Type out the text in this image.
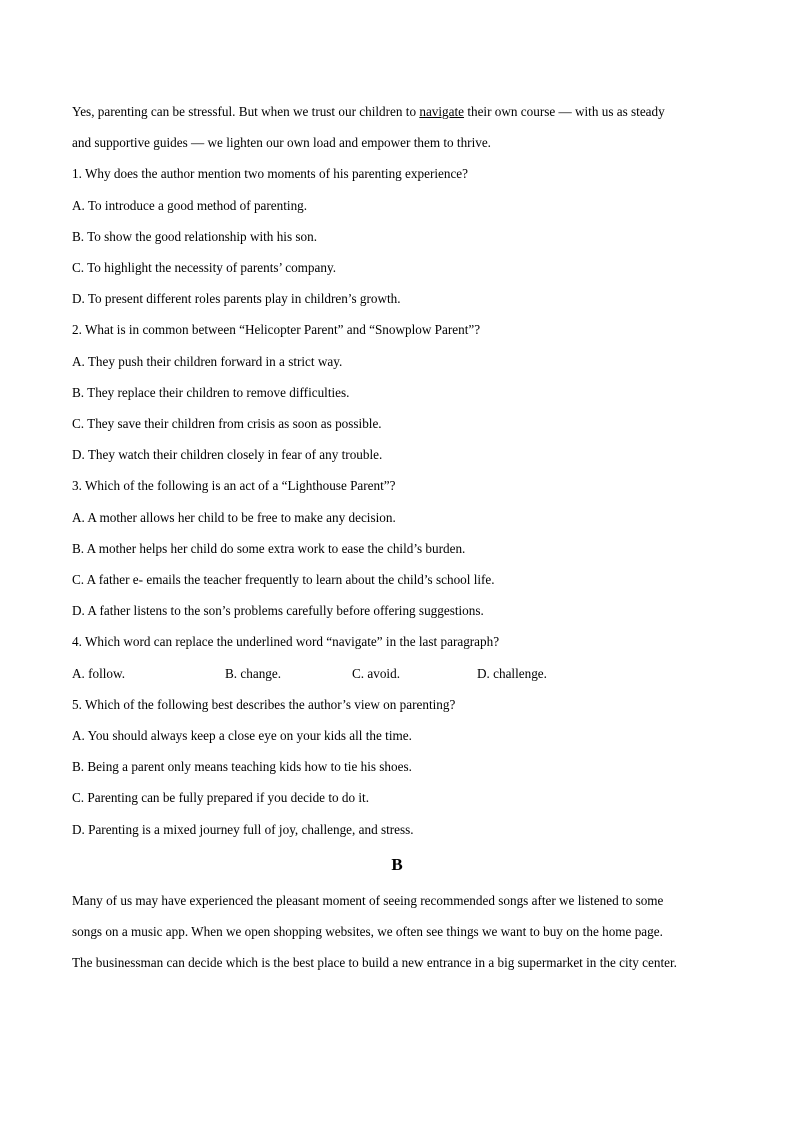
Yes, parenting can be stressful. But when we trust our children to navigate their own course — with us as steady
and supportive guides — we lighten our own load and empower them to thrive.
1. Why does the author mention two moments of his parenting experience?
A. To introduce a good method of parenting.
B. To show the good relationship with his son.
C. To highlight the necessity of parents’ company.
D. To present different roles parents play in children’s growth.
2. What is in common between “Helicopter Parent” and “Snowplow Parent”?
A. They push their children forward in a strict way.
B. They replace their children to remove difficulties.
C. They save their children from crisis as soon as possible.
D. They watch their children closely in fear of any trouble.
3. Which of the following is an act of a “Lighthouse Parent”?
A. A mother allows her child to be free to make any decision.
B. A mother helps her child do some extra work to ease the child’s burden.
C. A father e- emails the teacher frequently to learn about the child’s school life.
D. A father listens to the son’s problems carefully before offering suggestions.
4. Which word can replace the underlined word “navigate” in the last paragraph?
A. follow.	B. change.	C. avoid.	D. challenge.
5. Which of the following best describes the author’s view on parenting?
A. You should always keep a close eye on your kids all the time.
B. Being a parent only means teaching kids how to tie his shoes.
C. Parenting can be fully prepared if you decide to do it.
D. Parenting is a mixed journey full of joy, challenge, and stress.
B
Many of us may have experienced the pleasant moment of seeing recommended songs after we listened to some
songs on a music app. When we open shopping websites, we often see things we want to buy on the home page.
The businessman can decide which is the best place to build a new entrance in a big supermarket in the city center.
